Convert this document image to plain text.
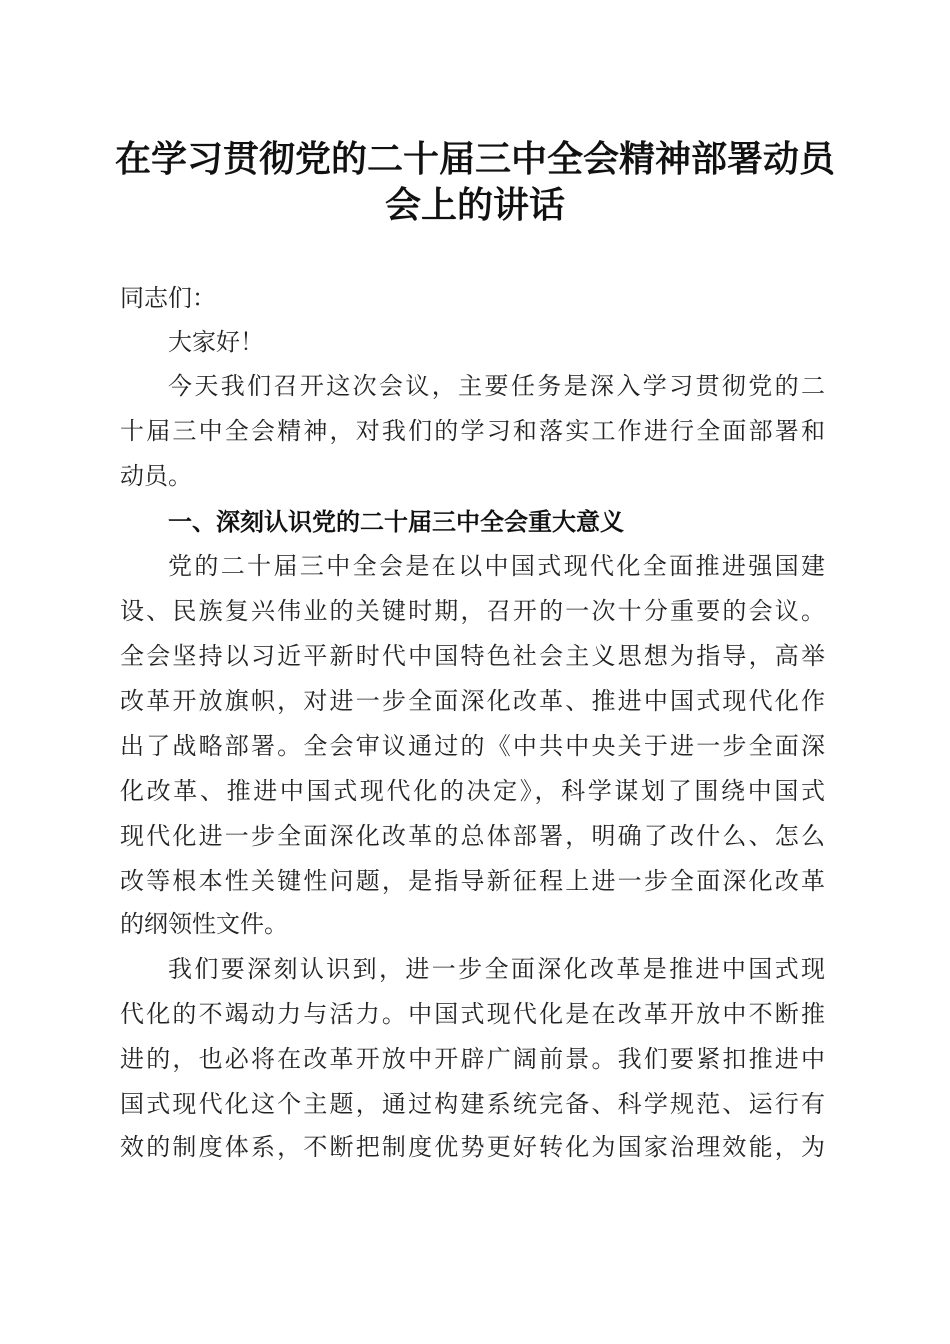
在学习贯彻党的二十届三中全会精神部署动员
会上的讲话

同志们：

大家好！

今天我们召开这次会议，主要任务是深入学习贯彻党的二

十届三中全会精神，对我们的学习和落实工作进行全面部署和

动员。

一、深刻认识党的二十届三中全会重大意义

党的二十届三中全会是在以中国式现代化全面推进强国建

设、民族复兴伟业的关键时期，召开的一次十分重要的会议。

全会坚持以习近平新时代中国特色社会主义思想为指导，高举

改革开放旗帜，对进一步全面深化改革、推进中国式现代化作

出了战略部署。全会审议通过的《中共中央关于进一步全面深

化改革、推进中国式现代化的决定》，科学谋划了围绕中国式

现代化进一步全面深化改革的总体部署，明确了改什么、怎么

改等根本性关键性问题，是指导新征程上进一步全面深化改革

的纲领性文件。

我们要深刻认识到，进一步全面深化改革是推进中国式现

代化的不竭动力与活力。中国式现代化是在改革开放中不断推

进的，也必将在改革开放中开辟广阔前景。我们要紧扣推进中

国式现代化这个主题，通过构建系统完备、科学规范、运行有

效的制度体系，不断把制度优势更好转化为国家治理效能，为
